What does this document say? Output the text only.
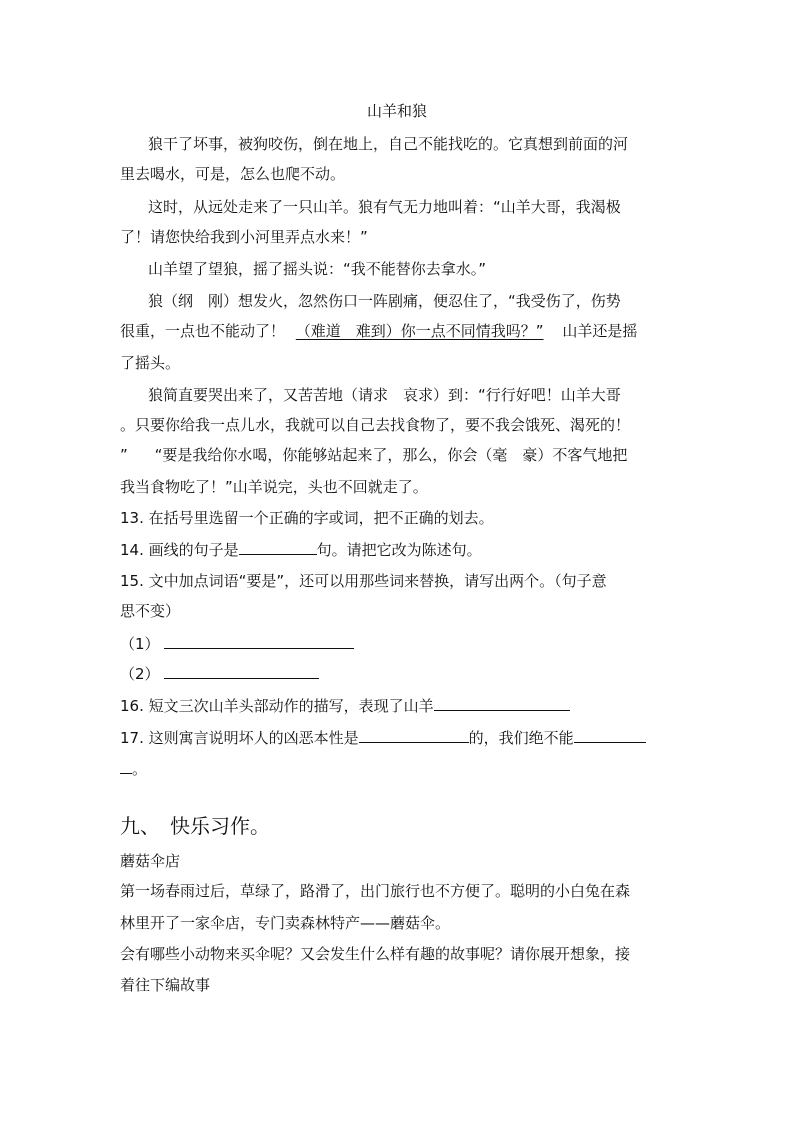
山羊和狼
狼干了坏事，被狗咬伤，倒在地上，自己不能找吃的。它真想到前面的河
里去喝水，可是，怎么也爬不动。
这时，从远处走来了一只山羊。狼有气无力地叫着：“山羊大哥，我渴极
了！请您快给我到小河里弄点水来！”
山羊望了望狼，摇了摇头说：“我不能替你去拿水。”
狼（纲　刚）想发火，忽然伤口一阵剧痛，便忍住了，“我受伤了，伤势
很重，一点也不能动了！ （难道　难到）你一点不同情我吗？” 山羊还是摇
了摇头。
狼简直要哭出来了，又苦苦地（请求　哀求）到：“行行好吧！山羊大哥
。只要你给我一点儿水，我就可以自己去找食物了，要不我会饿死、渴死的！
” “要是我给你水喝，你能够站起来了，那么，你会（毫　豪）不客气地把
我当食物吃了！”山羊说完，头也不回就走了。
13. 在括号里选留一个正确的字或词，把不正确的划去。
14. 画线的句子是	句。请把它改为陈述句。
15. 文中加点词语“要是”，还可以用那些词来替换，请写出两个。（句子意
思不变）
（1）
（2）
16. 短文三次山羊头部动作的描写，表现了山羊
17. 这则寓言说明坏人的凶恶本性是	的，我们绝不能
。
九、　快乐习作。
蘑菇伞店
第一场春雨过后，草绿了，路滑了，出门旅行也不方便了。聪明的小白兔在森
林里开了一家伞店，专门卖森林特产——蘑菇伞。
会有哪些小动物来买伞呢？又会发生什么样有趣的故事呢？请你展开想象，接
着往下编故事
